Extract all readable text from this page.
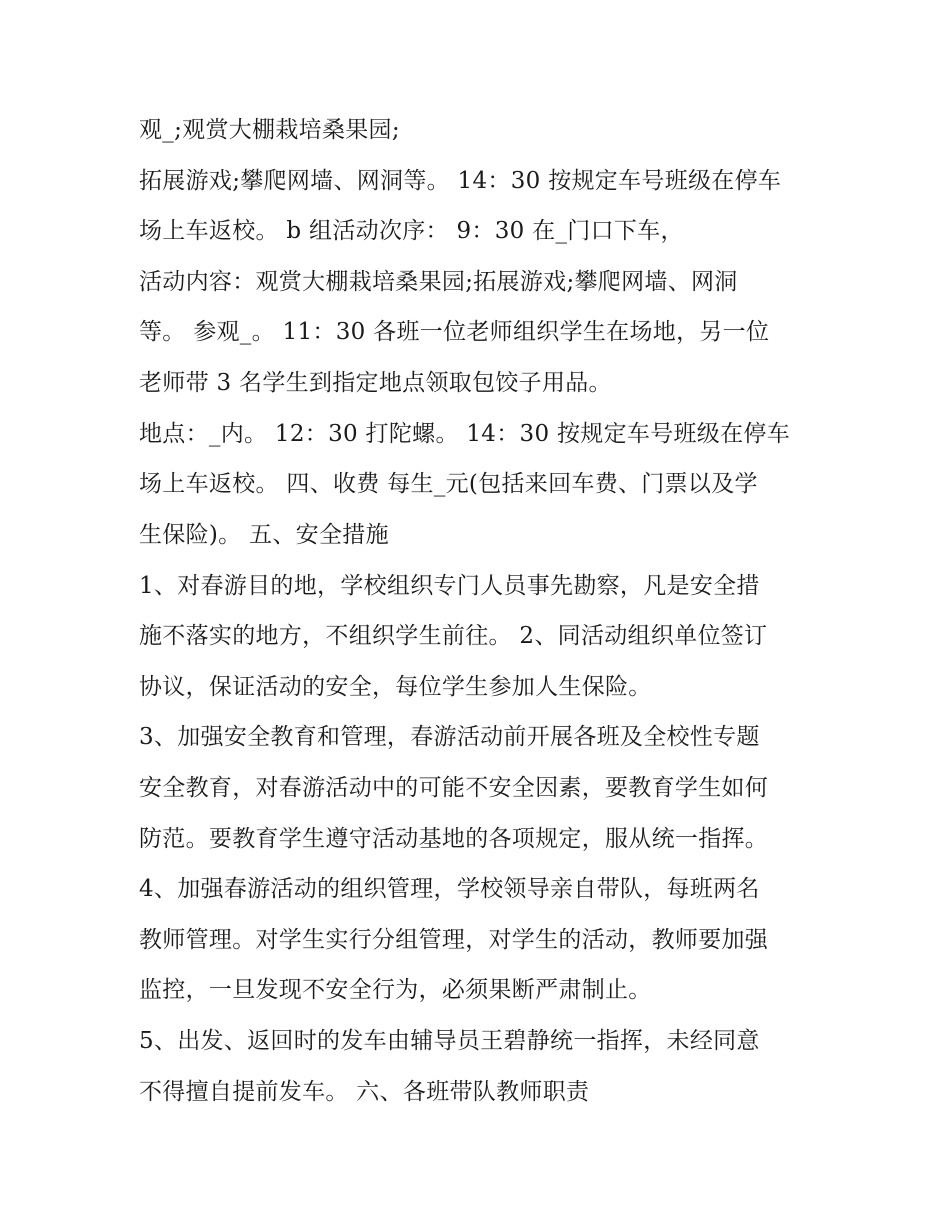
观_;观赏大棚栽培桑果园;
拓展游戏;攀爬网墙、网洞等。 14：30 按规定车号班级在停车
场上车返校。 b 组活动次序： 9：30 在_门口下车，
活动内容：观赏大棚栽培桑果园;拓展游戏;攀爬网墙、网洞
等。 参观_。 11：30 各班一位老师组织学生在场地，另一位
老师带 3 名学生到指定地点领取包饺子用品。
地点：_内。 12：30 打陀螺。 14：30 按规定车号班级在停车
场上车返校。 四、收费 每生_元(包括来回车费、门票以及学
生保险)。 五、安全措施
1、对春游目的地，学校组织专门人员事先勘察，凡是安全措
施不落实的地方，不组织学生前往。 2、同活动组织单位签订
协议，保证活动的安全，每位学生参加人生保险。
3、加强安全教育和管理，春游活动前开展各班及全校性专题
安全教育，对春游活动中的可能不安全因素，要教育学生如何
防范。要教育学生遵守活动基地的各项规定，服从统一指挥。
4、加强春游活动的组织管理，学校领导亲自带队，每班两名
教师管理。对学生实行分组管理，对学生的活动，教师要加强
监控，一旦发现不安全行为，必须果断严肃制止。
5、出发、返回时的发车由辅导员王碧静统一指挥，未经同意
不得擅自提前发车。 六、各班带队教师职责
